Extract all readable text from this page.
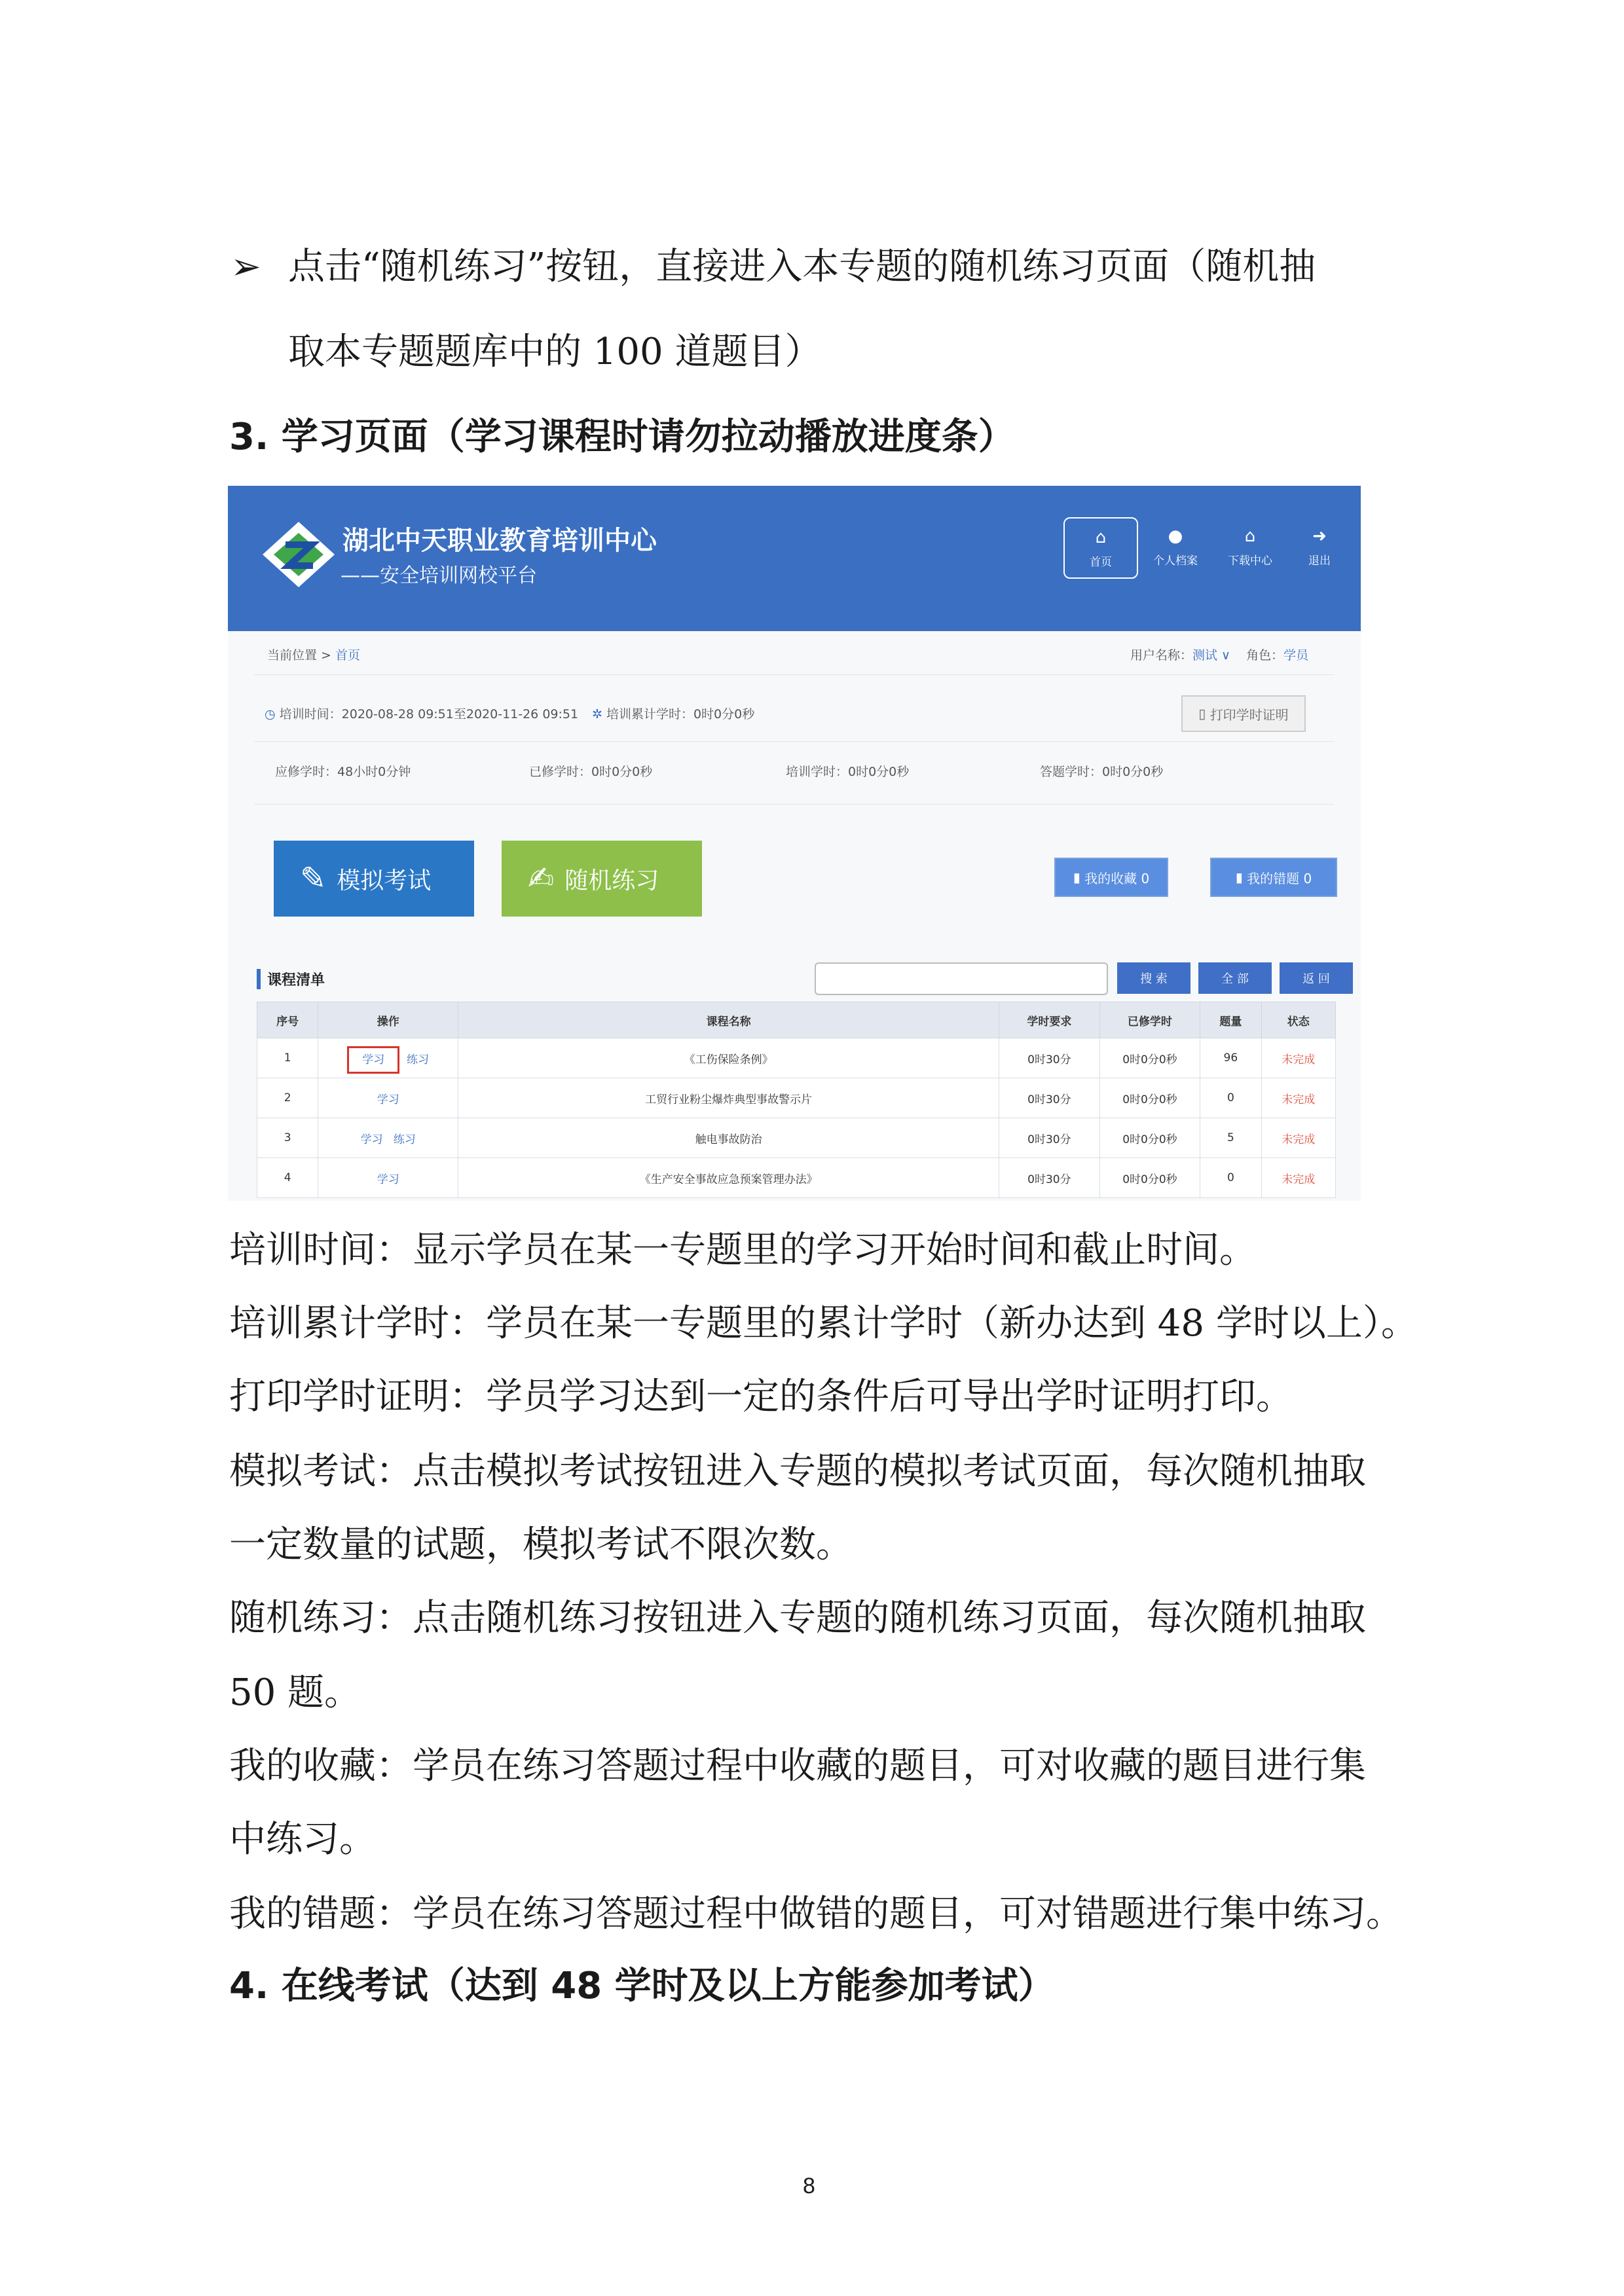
➢ 点击“随机练习”按钮，直接进入本专题的随机练习页面（随机抽
取本专题题库中的 100 道题目）
3. 学习页面（学习课程时请勿拉动播放进度条）
湖北中天职业教育培训中心
——安全培训网校平台
⌂
首页
●
个人档案
⌂
下载中心
➜
退出
当前位置 > 首页	用户名称：测试 ∨ 角色：学员
◷ 培训时间：2020-08-28 09:51至2020-11-26 09:51 ✲ 培训累计学时：0时0分0秒	▯ 打印学时证明
应修学时：48小时0分钟	已修学时：0时0分0秒	培训学时：0时0分0秒	答题学时：0时0分0秒
✎ 模拟考试	✍ 随机练习	▮ 我的收藏 0	▮ 我的错题 0
课程清单	搜 索	全 部	返 回
序号	操作	课程名称	学时要求	已修学时	题量	状态
1	学习 练习	《工伤保险条例》	0时30分	0时0分0秒	96	未完成
2	学习	工贸行业粉尘爆炸典型事故警示片	0时30分	0时0分0秒	0	未完成
3	学习 练习	触电事故防治	0时30分	0时0分0秒	5	未完成
4	学习	《生产安全事故应急预案管理办法》	0时30分	0时0分0秒	0	未完成
培训时间：显示学员在某一专题里的学习开始时间和截止时间。
培训累计学时：学员在某一专题里的累计学时（新办达到 48 学时以上）。
打印学时证明：学员学习达到一定的条件后可导出学时证明打印。
模拟考试：点击模拟考试按钮进入专题的模拟考试页面，每次随机抽取
一定数量的试题，模拟考试不限次数。
随机练习：点击随机练习按钮进入专题的随机练习页面，每次随机抽取
50 题。
我的收藏：学员在练习答题过程中收藏的题目，可对收藏的题目进行集
中练习。
我的错题：学员在练习答题过程中做错的题目，可对错题进行集中练习。
4. 在线考试（达到 48 学时及以上方能参加考试）
8
